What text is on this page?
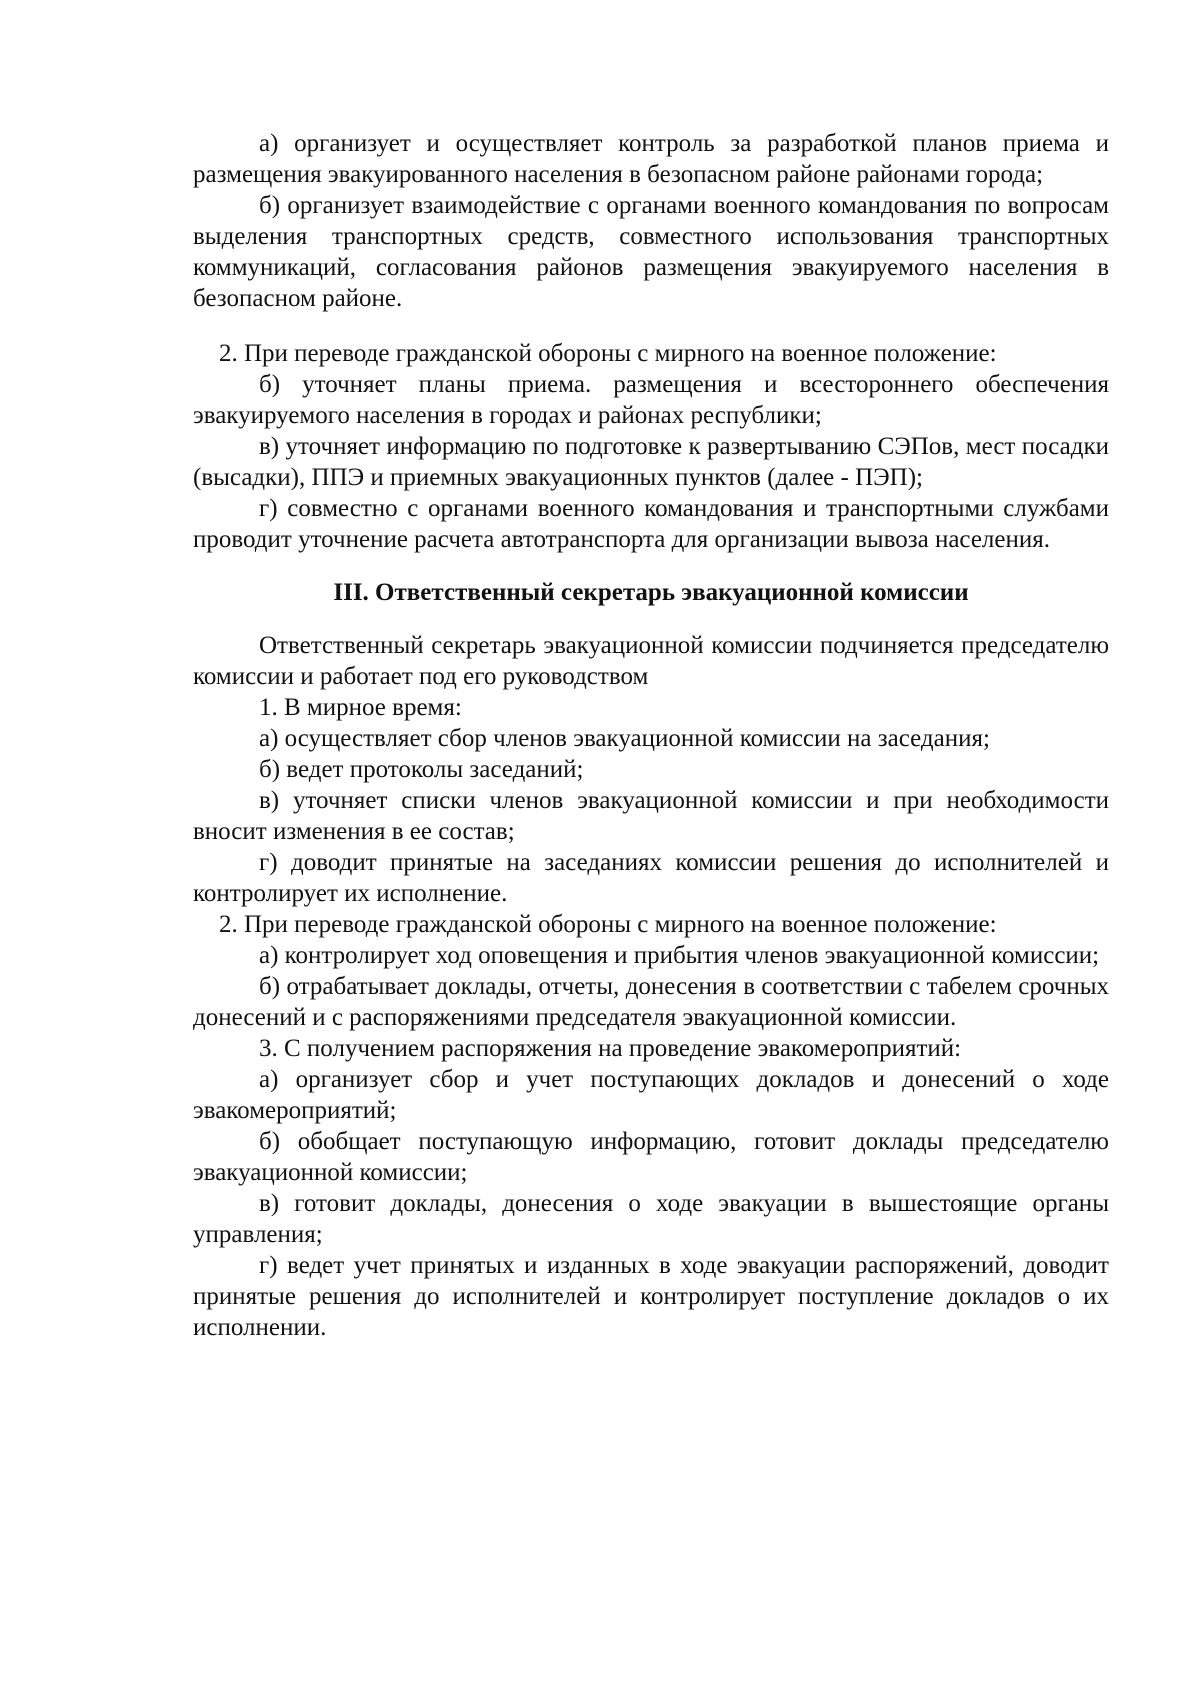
а) организует и осуществляет контроль за разработкой планов приема и размещения эвакуированного населения в безопасном районе районами города;

б) организует взаимодействие с органами военного командования по вопросам выделения транспортных средств, совместного использования транспортных коммуникаций, согласования районов размещения эвакуируемого населения в безопасном районе.

2. При переводе гражданской обороны с мирного на военное положение:

б) уточняет планы приема. размещения и всестороннего обеспечения эвакуируемого населения в городах и районах республики;

в) уточняет информацию по подготовке к развертыванию СЭПов, мест посадки (высадки), ППЭ и приемных эвакуационных пунктов (далее - ПЭП);

г) совместно с органами военного командования и транспортными службами проводит уточнение расчета автотранспорта для организации вывоза населения.

III. Ответственный секретарь эвакуационной комиссии

Ответственный секретарь эвакуационной комиссии подчиняется председателю комиссии и работает под его руководством

1. В мирное время:

а) осуществляет сбор членов эвакуационной комиссии на заседания;

б) ведет протоколы заседаний;

в) уточняет списки членов эвакуационной комиссии и при необходимости вносит изменения в ее состав;

г) доводит принятые на заседаниях комиссии решения до исполнителей и контролирует их исполнение.

2. При переводе гражданской обороны с мирного на военное положение:

а) контролирует ход оповещения и прибытия членов эвакуационной комиссии;

б) отрабатывает доклады, отчеты, донесения в соответствии с табелем срочных донесений и с распоряжениями председателя эвакуационной комиссии.

3. С получением распоряжения на проведение эвакомероприятий:

а) организует сбор и учет поступающих докладов и донесений о ходе эвакомероприятий;

б) обобщает поступающую информацию, готовит доклады председателю эвакуационной комиссии;

в) готовит доклады, донесения о ходе эвакуации в вышестоящие органы управления;

г) ведет учет принятых и изданных в ходе эвакуации распоряжений, доводит принятые решения до исполнителей и контролирует поступление докладов о их исполнении.
